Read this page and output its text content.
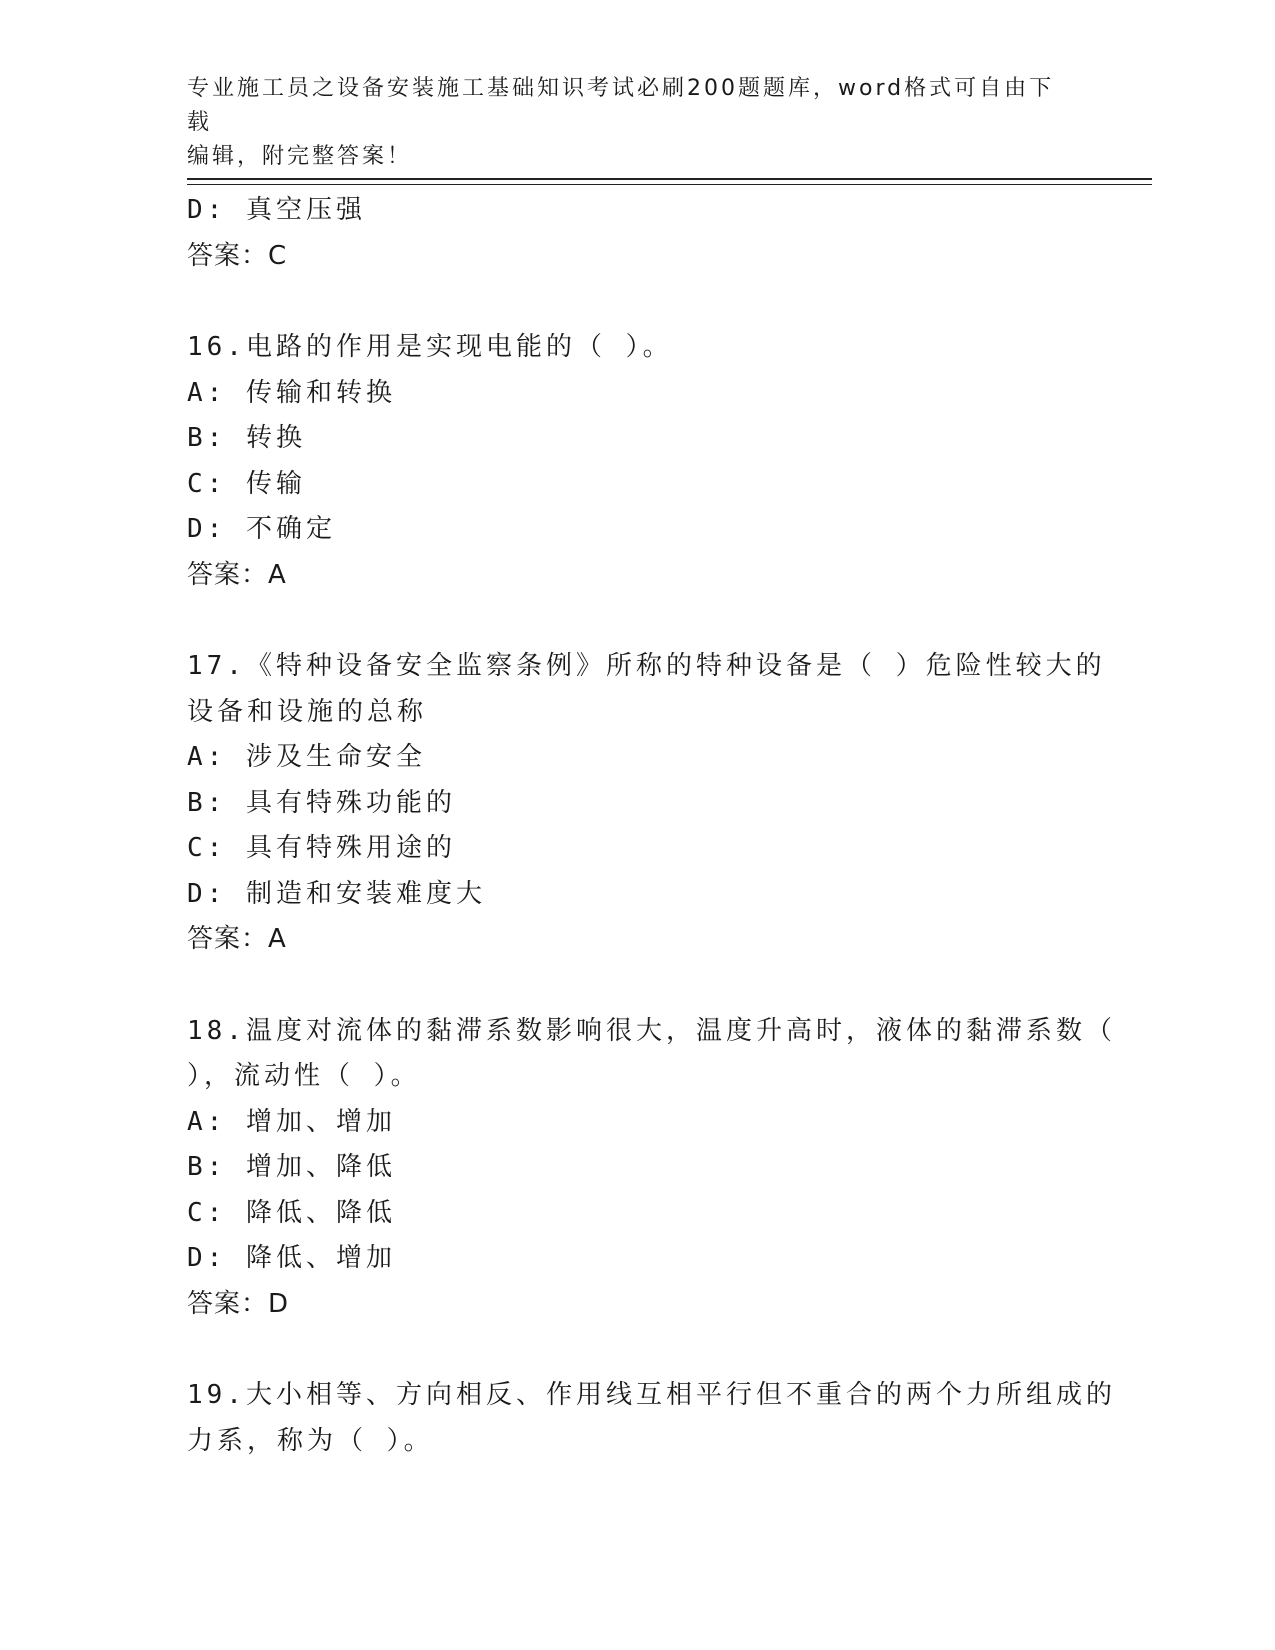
专业施工员之设备安装施工基础知识考试必刷200题题库，word格式可自由下载
编辑，附完整答案！
D: 真空压强
答案：C
16.电路的作用是实现电能的（ ）。
A: 传输和转换
B: 转换
C: 传输
D: 不确定
答案：A
17.《特种设备安全监察条例》所称的特种设备是（ ）危险性较大的
设备和设施的总称
A: 涉及生命安全
B: 具有特殊功能的
C: 具有特殊用途的
D: 制造和安装难度大
答案：A
18.温度对流体的黏滞系数影响很大，温度升高时，液体的黏滞系数（
），流动性（ ）。
A: 增加、增加
B: 增加、降低
C: 降低、降低
D: 降低、增加
答案：D
19.大小相等、方向相反、作用线互相平行但不重合的两个力所组成的
力系，称为（ ）。
